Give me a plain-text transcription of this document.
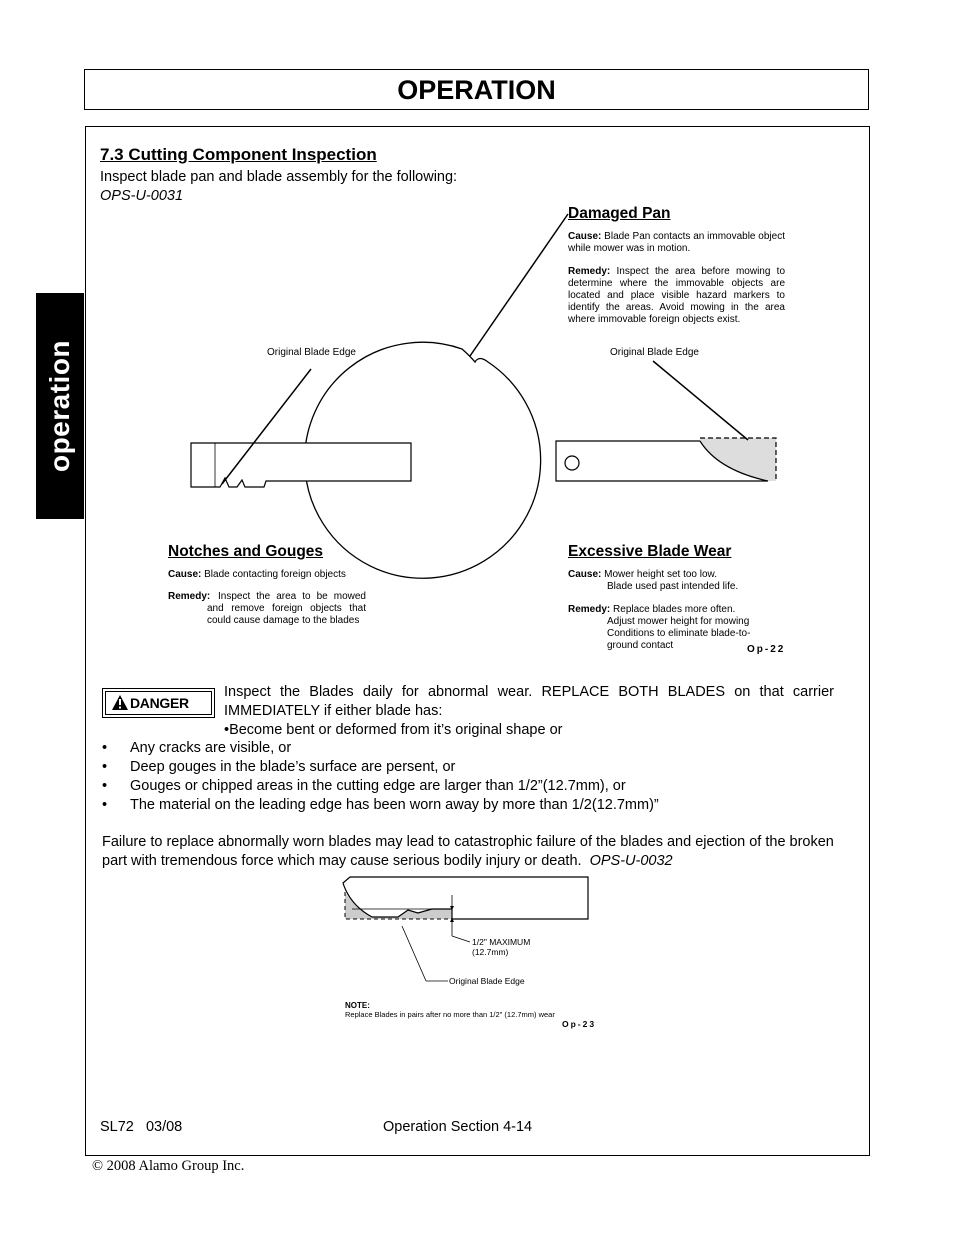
OPERATION
operation
7.3 Cutting Component Inspection
Inspect blade pan and blade assembly for the following:
OPS-U-0031
Damaged Pan
Cause: Blade Pan contacts an immovable object while mower was in motion.
Remedy: Inspect the area before mowing to determine where the immovable objects are located and place visible hazard markers to identify the areas. Avoid mowing in the area where immovable foreign objects exist.
Original Blade Edge	Original Blade Edge
Notches and Gouges
Cause: Blade contacting foreign objects
Remedy: Inspect the area to be mowed and remove foreign objects that could cause damage to the blades
Excessive Blade Wear
Cause: Mower height set too low.
Blade used past intended life.
Remedy: Replace blades more often.
Adjust mower height for mowing Conditions to eliminate blade-to-ground contact	Op-22
DANGER
Inspect the Blades daily for abnormal wear. REPLACE BOTH BLADES on that carrier IMMEDIATELY if either blade has:
•Become bent or deformed from it’s original shape or
• Any cracks are visible, or
• Deep gouges in the blade’s surface are persent, or
• Gouges or chipped areas in the cutting edge are larger than 1/2”(12.7mm), or
• The material on the leading edge has been worn away by more than 1/2(12.7mm)”
Failure to replace abnormally worn blades may lead to catastrophic failure of the blades and ejection of the broken part with tremendous force which may cause serious bodily injury or death. OPS-U-0032
1/2" MAXIMUM
(12.7mm)
Original Blade Edge
NOTE:
Replace Blades in pairs after no more than 1/2" (12.7mm) wear
Op-23
SL72   03/08	Operation Section 4-14
© 2008 Alamo Group Inc.
